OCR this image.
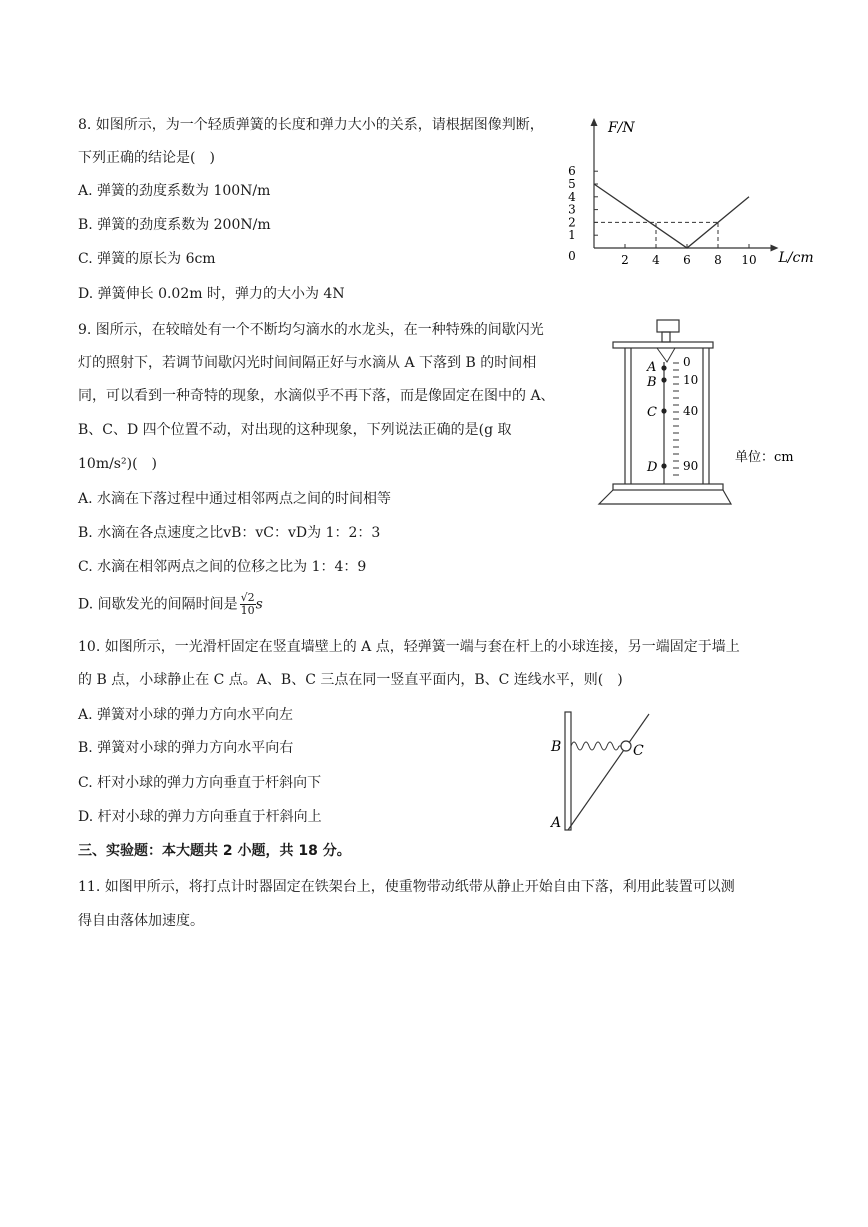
8. 如图所示，为一个轻质弹簧的长度和弹力大小的关系，请根据图像判断，
下列正确的结论是(　)
A. 弹簧的劲度系数为 100N/m
B. 弹簧的劲度系数为 200N/m
C. 弹簧的原长为 6cm
D. 弹簧伸长 0.02m 时，弹力的大小为 4N
2 4 6 8 10
1
2
3
4
5
6
0
F/N
L/cm
9. 图所示，在较暗处有一个不断均匀滴水的水龙头，在一种特殊的间歇闪光
灯的照射下，若调节间歇闪光时间间隔正好与水滴从 A 下落到 B 的时间相
同，可以看到一种奇特的现象，水滴似乎不再下落，而是像固定在图中的 A、
B、C、D 四个位置不动，对出现的这种现象，下列说法正确的是(g 取
10m/s²)(　)
A. 水滴在下落过程中通过相邻两点之间的时间相等
B. 水滴在各点速度之比vB：vC：vD为 1：2：3
C. 水滴在相邻两点之间的位移之比为 1：4：9
D. 间歇发光的间隔时间是 $\frac{√2}{10}$ s
A
B
C
D
0
10
40
90
单位：cm
10. 如图所示，一光滑杆固定在竖直墙壁上的 A 点，轻弹簧一端与套在杆上的小球连接，另一端固定于墙上
的 B 点，小球静止在 C 点。A、B、C 三点在同一竖直平面内，B、C 连线水平，则(　)
A. 弹簧对小球的弹力方向水平向左
B. 弹簧对小球的弹力方向水平向右
C. 杆对小球的弹力方向垂直于杆斜向下
D. 杆对小球的弹力方向垂直于杆斜向上
B	C
A
三、实验题：本大题共 2 小题，共 18 分。
11. 如图甲所示，将打点计时器固定在铁架台上，使重物带动纸带从静止开始自由下落，利用此装置可以测
得自由落体加速度。
